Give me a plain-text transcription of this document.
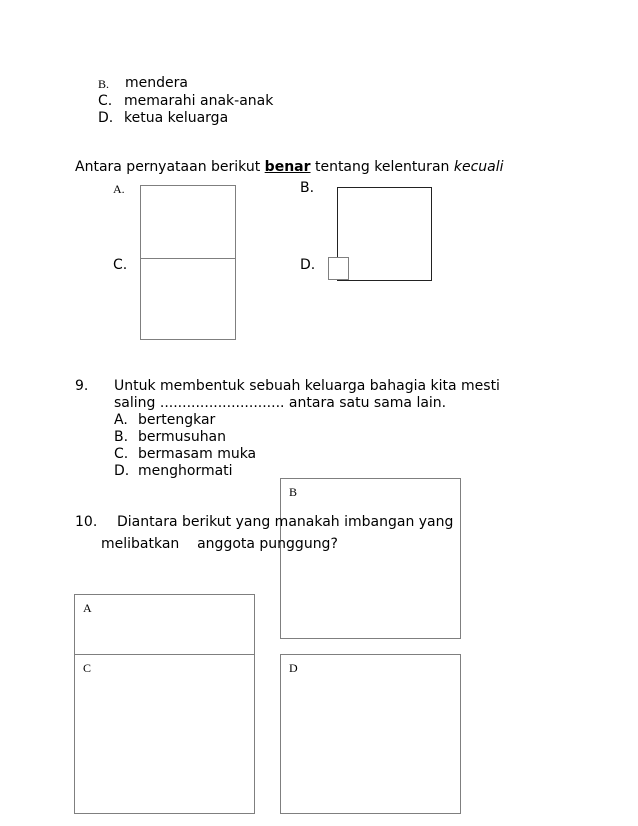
B. mendera
C. memarahi anak-anak
D. ketua keluarga
Antara pernyataan berikut benar tentang kelenturan kecuali
A.	B.
C.	D.
9. Untuk membentuk sebuah keluarga bahagia kita mesti
saling ............................ antara satu sama lain.
A. bertengkar
B. bermusuhan
C. bermasam muka
D. menghormati
B
A
C	D
10. Diantara berikut yang manakah imbangan yang
melibatkan    anggota punggung?
